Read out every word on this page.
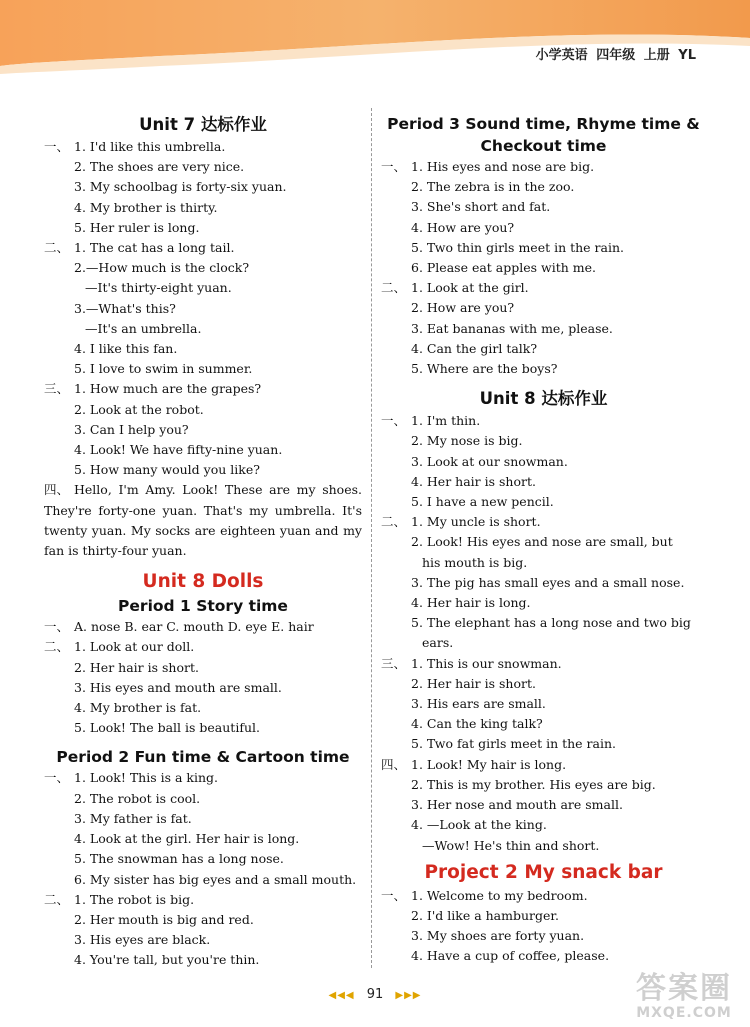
小学英语 四年级 上册 YL
Unit 7 达标作业
一、 1. I'd like this umbrella.
2. The shoes are very nice.
3. My schoolbag is forty-six yuan.
4. My brother is thirty.
5. Her ruler is long.
二、 1. The cat has a long tail.
2.—How much is the clock?
—It's thirty-eight yuan.
3.—What's this?
—It's an umbrella.
4. I like this fan.
5. I love to swim in summer.
三、 1. How much are the grapes?
2. Look at the robot.
3. Can I help you?
4. Look! We have fifty-nine yuan.
5. How many would you like?
四、 Hello, I'm Amy. Look! These are my shoes. They're forty-one yuan. That's my umbrella. It's twenty yuan. My socks are eighteen yuan and my fan is thirty-four yuan.
Unit 8 Dolls
Period 1 Story time
一、 A. nose B. ear C. mouth D. eye E. hair
二、 1. Look at our doll.
2. Her hair is short.
3. His eyes and mouth are small.
4. My brother is fat.
5. Look! The ball is beautiful.
Period 2 Fun time & Cartoon time
一、 1. Look! This is a king.
2. The robot is cool.
3. My father is fat.
4. Look at the girl. Her hair is long.
5. The snowman has a long nose.
6. My sister has big eyes and a small mouth.
二、 1. The robot is big.
2. Her mouth is big and red.
3. His eyes are black.
4. You're tall, but you're thin.
Period 3 Sound time, Rhyme time &
Checkout time
一、 1. His eyes and nose are big.
2. The zebra is in the zoo.
3. She's short and fat.
4. How are you?
5. Two thin girls meet in the rain.
6. Please eat apples with me.
二、 1. Look at the girl.
2. How are you?
3. Eat bananas with me, please.
4. Can the girl talk?
5. Where are the boys?
Unit 8 达标作业
一、 1. I'm thin.
2. My nose is big.
3. Look at our snowman.
4. Her hair is short.
5. I have a new pencil.
二、 1. My uncle is short.
2. Look! His eyes and nose are small, but
his mouth is big.
3. The pig has small eyes and a small nose.
4. Her hair is long.
5. The elephant has a long nose and two big
ears.
三、 1. This is our snowman.
2. Her hair is short.
3. His ears are small.
4. Can the king talk?
5. Two fat girls meet in the rain.
四、 1. Look! My hair is long.
2. This is my brother. His eyes are big.
3. Her nose and mouth are small.
4. —Look at the king.
—Wow! He's thin and short.
Project 2 My snack bar
一、 1. Welcome to my bedroom.
2. I'd like a hamburger.
3. My shoes are forty yuan.
4. Have a cup of coffee, please.
◀◀◀ 91 ▶▶▶	答案圈
MXQE.COM
